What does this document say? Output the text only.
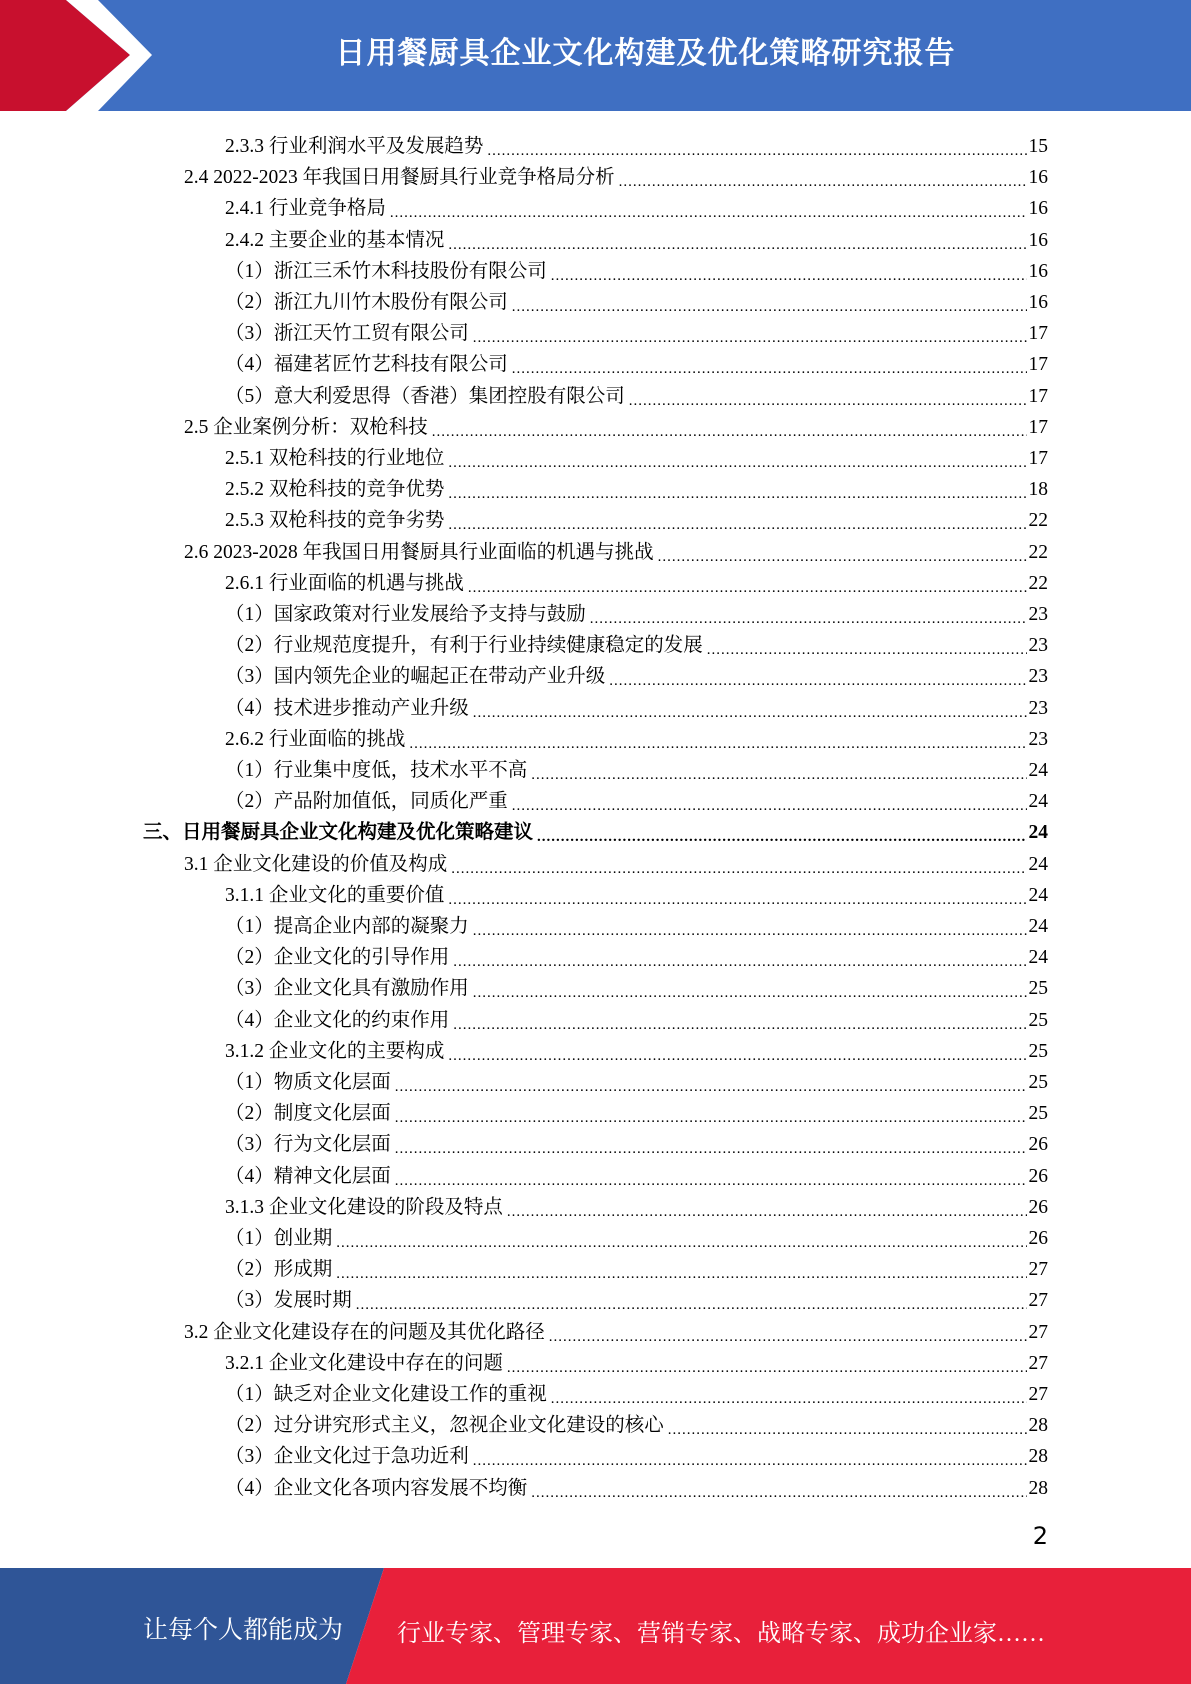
日用餐厨具企业文化构建及优化策略研究报告
2.3.3 行业利润水平及发展趋势 .....	15
2.4 2022-2023 年我国日用餐厨具行业竞争格局分析 .....	16
2.4.1 行业竞争格局 .....	16
2.4.2 主要企业的基本情况 .....	16
（1）浙江三禾竹木科技股份有限公司 .....	16
（2）浙江九川竹木股份有限公司 .....	16
（3）浙江天竹工贸有限公司 .....	17
（4）福建茗匠竹艺科技有限公司 .....	17
（5）意大利爱思得（香港）集团控股有限公司 .....	17
2.5 企业案例分析：双枪科技 .....	17
2.5.1 双枪科技的行业地位 .....	17
2.5.2 双枪科技的竞争优势 .....	18
2.5.3 双枪科技的竞争劣势 .....	22
2.6 2023-2028 年我国日用餐厨具行业面临的机遇与挑战 .....	22
2.6.1 行业面临的机遇与挑战 .....	22
（1）国家政策对行业发展给予支持与鼓励 .....	23
（2）行业规范度提升，有利于行业持续健康稳定的发展 .....	23
（3）国内领先企业的崛起正在带动产业升级 .....	23
（4）技术进步推动产业升级 .....	23
2.6.2 行业面临的挑战 .....	23
（1）行业集中度低，技术水平不高 .....	24
（2）产品附加值低，同质化严重 .....	24
三、日用餐厨具企业文化构建及优化策略建议 .....	24
3.1 企业文化建设的价值及构成 .....	24
3.1.1 企业文化的重要价值 .....	24
（1）提高企业内部的凝聚力 .....	24
（2）企业文化的引导作用 .....	24
（3）企业文化具有激励作用 .....	25
（4）企业文化的约束作用 .....	25
3.1.2 企业文化的主要构成 .....	25
（1）物质文化层面 .....	25
（2）制度文化层面 .....	25
（3）行为文化层面 .....	26
（4）精神文化层面 .....	26
3.1.3 企业文化建设的阶段及特点 .....	26
（1）创业期 .....	26
（2）形成期 .....	27
（3）发展时期 .....	27
3.2 企业文化建设存在的问题及其优化路径 .....	27
3.2.1 企业文化建设中存在的问题 .....	27
（1）缺乏对企业文化建设工作的重视 .....	27
（2）过分讲究形式主义，忽视企业文化建设的核心 .....	28
（3）企业文化过于急功近利 .....	28
（4）企业文化各项内容发展不均衡 .....	28
2
让每个人都能成为 行业专家、管理专家、营销专家、战略专家、成功企业家……
